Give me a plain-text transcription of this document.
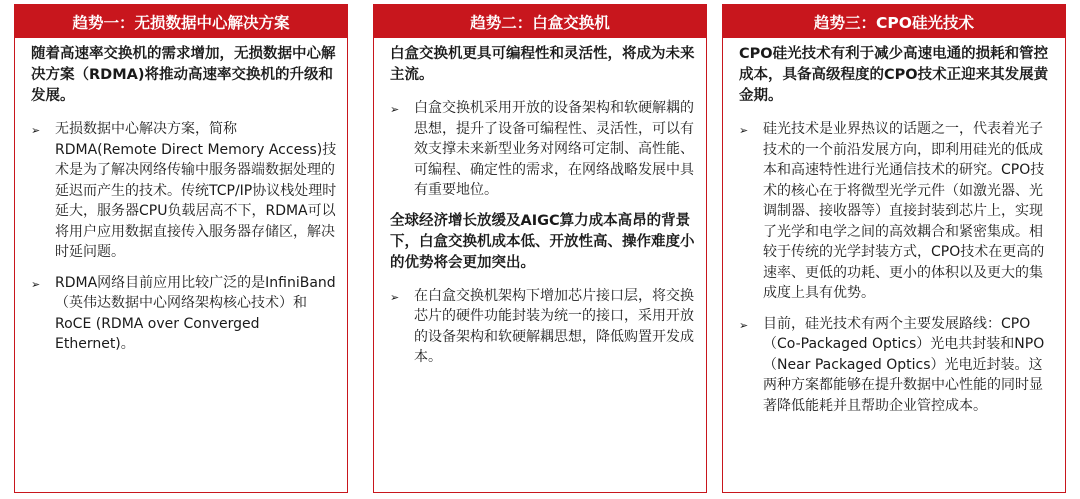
趋势一：无损数据中心解决方案

随着高速率交换机的需求增加，无损数据中心解决方案（RDMA)将推动高速率交换机的升级和发展。

➢	无损数据中心解决方案，简称RDMA(Remote Direct Memory Access)技术是为了解决网络传输中服务器端数据处理的延迟而产生的技术。传统TCP/IP协议栈处理时延大，服务器CPU负载居高不下，RDMA可以将用户应用数据直接传入服务器存储区，解决时延问题。
➢	RDMA网络目前应用比较广泛的是InfiniBand（英伟达数据中心网络架构核心技术）和RoCE (RDMA over Converged Ethernet)。
趋势二：白盒交换机

白盒交换机更具可编程性和灵活性，将成为未来主流。

➢	白盒交换机采用开放的设备架构和软硬解耦的思想，提升了设备可编程性、灵活性，可以有效支撑未来新型业务对网络可定制、高性能、可编程、确定性的需求，在网络战略发展中具有重要地位。

全球经济增长放缓及AIGC算力成本高昂的背景下，白盒交换机成本低、开放性高、操作难度小的优势将会更加突出。

➢	在白盒交换机架构下增加芯片接口层，将交换芯片的硬件功能封装为统一的接口，采用开放的设备架构和软硬解耦思想，降低购置开发成本。
趋势三：CPO硅光技术

CPO硅光技术有利于减少高速电通的损耗和管控成本，具备高级程度的CPO技术正迎来其发展黄金期。

➢	硅光技术是业界热议的话题之一，代表着光子技术的一个前沿发展方向，即利用硅光的低成本和高速特性进行光通信技术的研究。CPO技术的核心在于将微型光学元件（如激光器、光调制器、接收器等）直接封装到芯片上，实现了光学和电学之间的高效耦合和紧密集成。相较于传统的光学封装方式，CPO技术在更高的速率、更低的功耗、更小的体积以及更大的集成度上具有优势。
➢	目前，硅光技术有两个主要发展路线：CPO（Co-Packaged Optics）光电共封装和NPO（Near Packaged Optics）光电近封装。这两种方案都能够在提升数据中心性能的同时显著降低能耗并且帮助企业管控成本。
